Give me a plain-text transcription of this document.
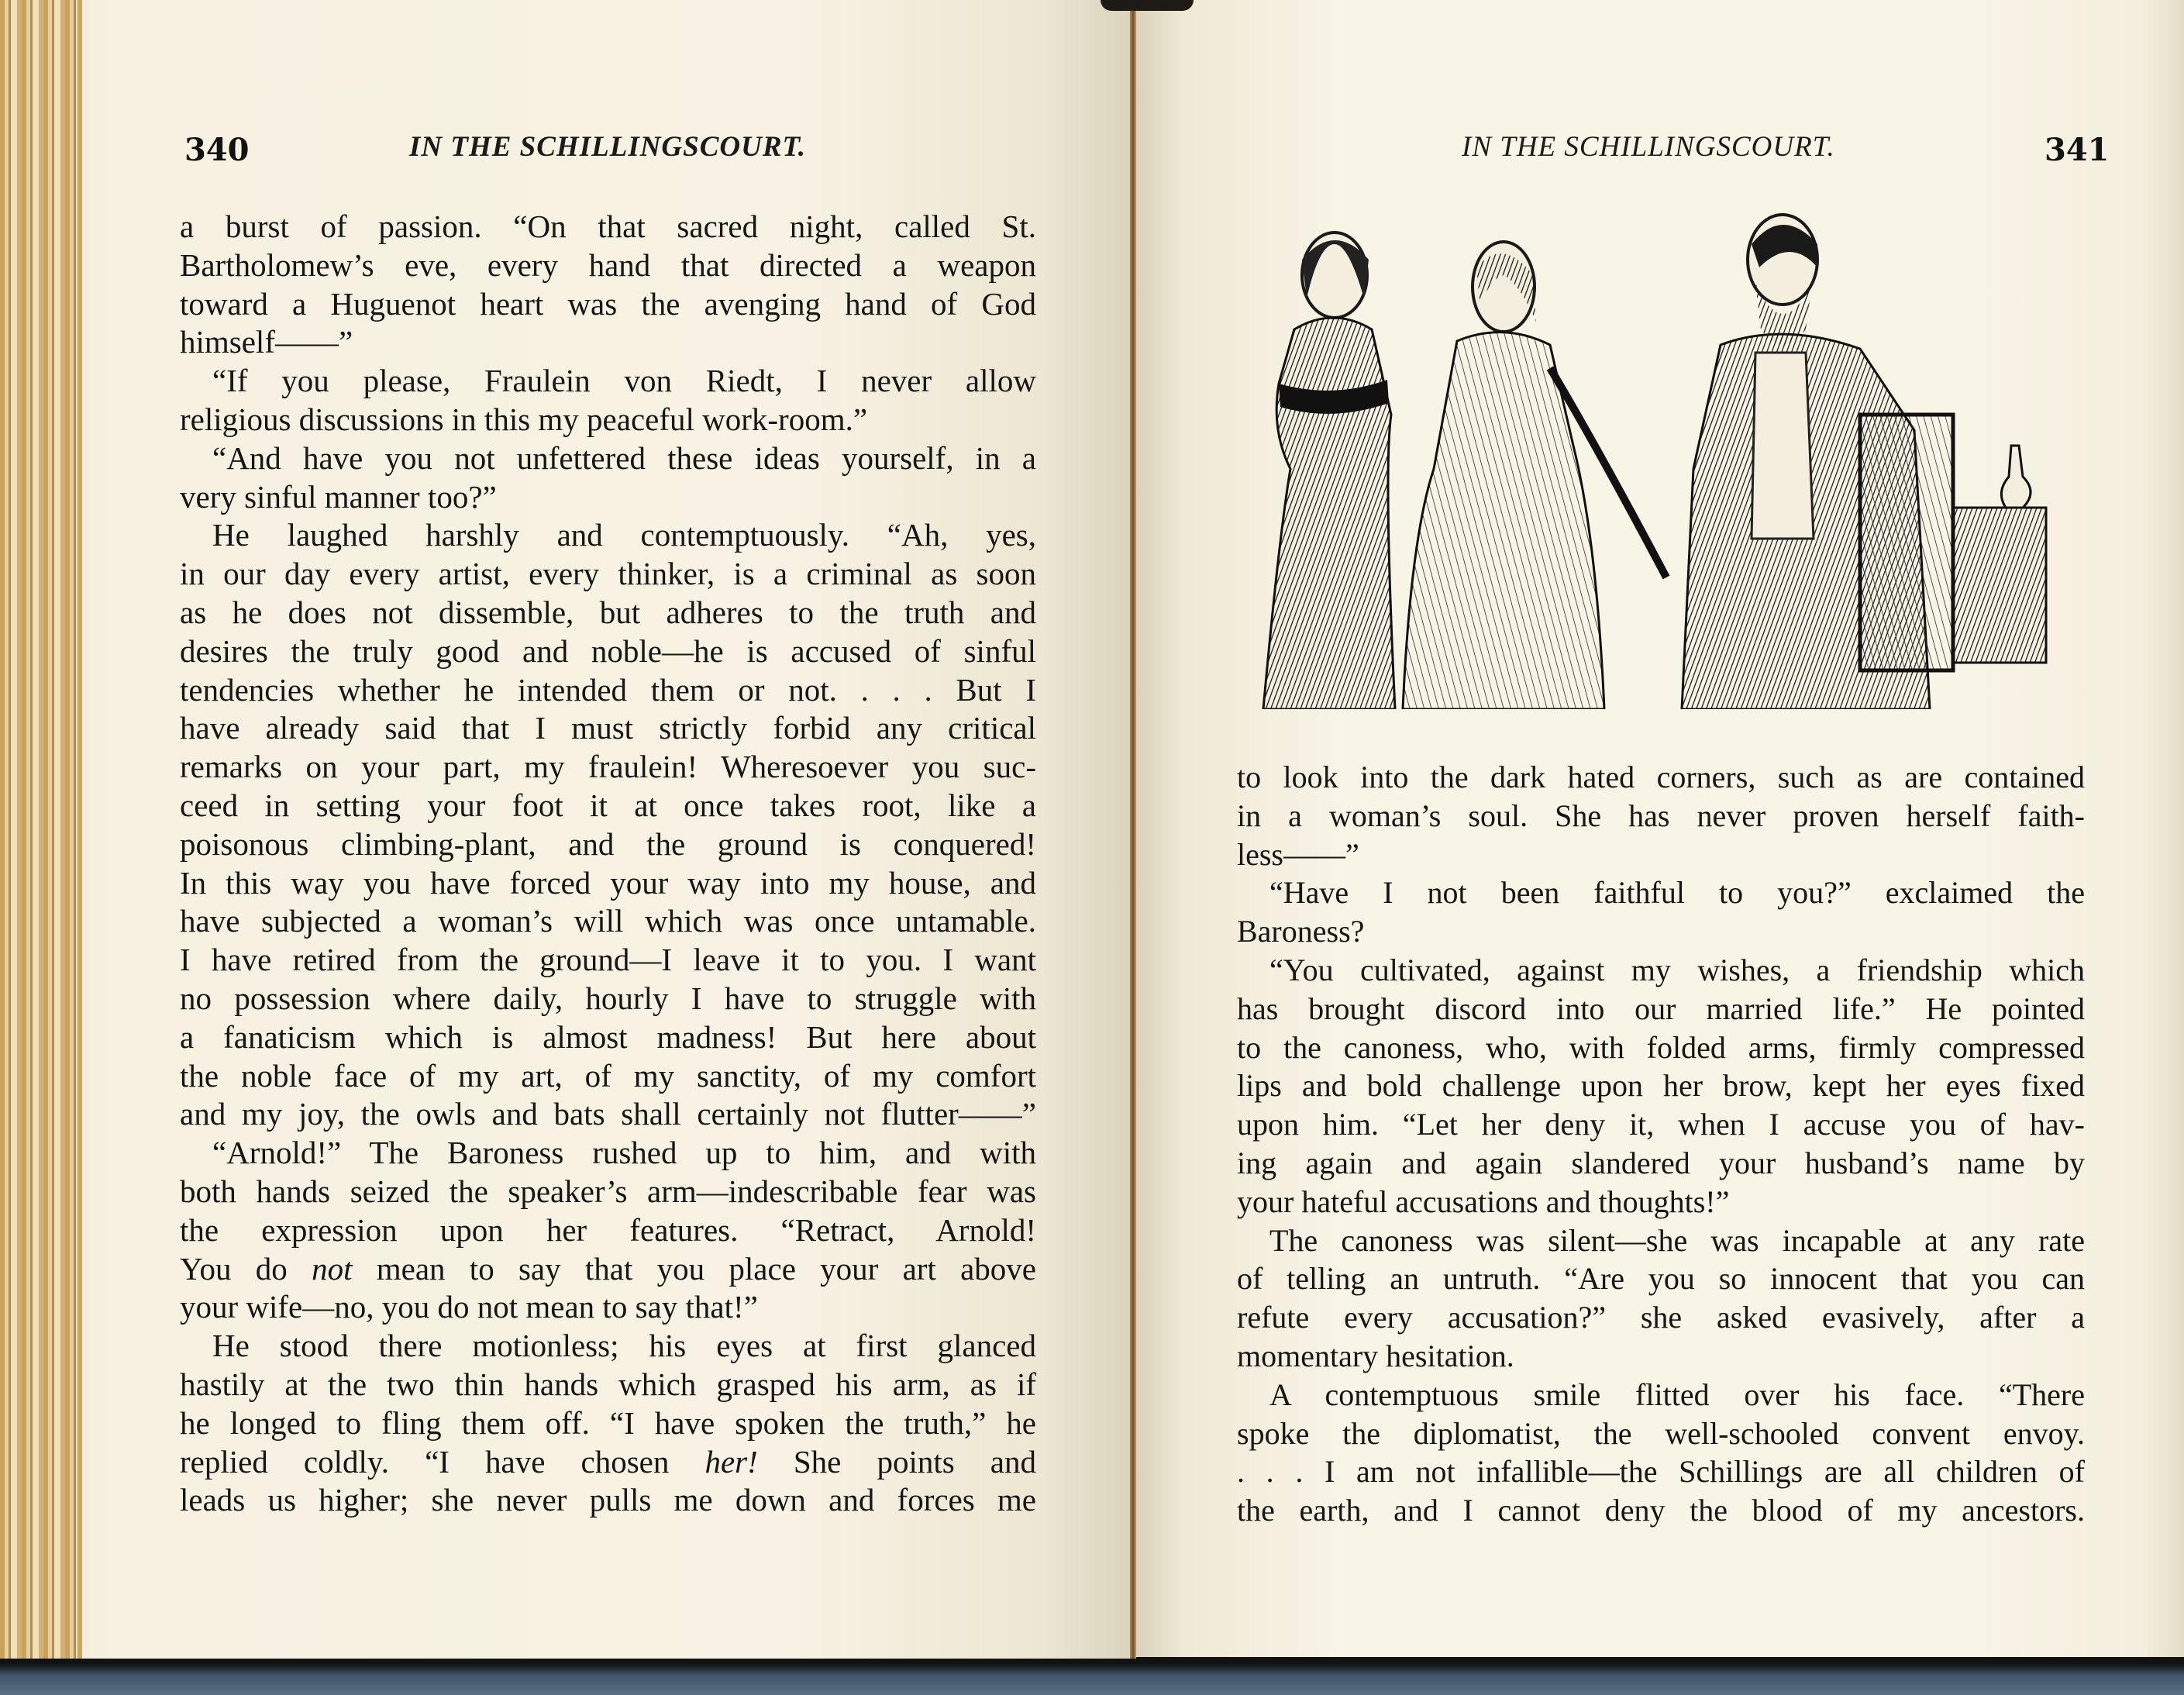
340	IN THE SCHILLINGSCOURT.
a burst of passion. “On that sacred night, called St.
Bartholomew’s eve, every hand that directed a weapon
toward a Huguenot heart was the avenging hand of God
himself——”
“If you please, Fraulein von Riedt, I never allow
religious discussions in this my peaceful work-room.”
“And have you not unfettered these ideas yourself, in a
very sinful manner too?”
He laughed harshly and contemptuously. “Ah, yes,
in our day every artist, every thinker, is a criminal as soon
as he does not dissemble, but adheres to the truth and
desires the truly good and noble—he is accused of sinful
tendencies whether he intended them or not. . . . But I
have already said that I must strictly forbid any critical
remarks on your part, my fraulein! Wheresoever you suc-
ceed in setting your foot it at once takes root, like a
poisonous climbing-plant, and the ground is conquered!
In this way you have forced your way into my house, and
have subjected a woman’s will which was once untamable.
I have retired from the ground—I leave it to you. I want
no possession where daily, hourly I have to struggle with
a fanaticism which is almost madness! But here about
the noble face of my art, of my sanctity, of my comfort
and my joy, the owls and bats shall certainly not flutter——”
“Arnold!” The Baroness rushed up to him, and with
both hands seized the speaker’s arm—indescribable fear was
the expression upon her features. “Retract, Arnold!
You do not mean to say that you place your art above
your wife—no, you do not mean to say that!”
He stood there motionless; his eyes at first glanced
hastily at the two thin hands which grasped his arm, as if
he longed to fling them off. “I have spoken the truth,” he
replied coldly. “I have chosen her! She points and
leads us higher; she never pulls me down and forces me
IN THE SCHILLINGSCOURT.	341
to look into the dark hated corners, such as are contained
in a woman’s soul. She has never proven herself faith-
less——”
“Have I not been faithful to you?” exclaimed the
Baroness?
“You cultivated, against my wishes, a friendship which
has brought discord into our married life.” He pointed
to the canoness, who, with folded arms, firmly compressed
lips and bold challenge upon her brow, kept her eyes fixed
upon him. “Let her deny it, when I accuse you of hav-
ing again and again slandered your husband’s name by
your hateful accusations and thoughts!”
The canoness was silent—she was incapable at any rate
of telling an untruth. “Are you so innocent that you can
refute every accusation?” she asked evasively, after a
momentary hesitation.
A contemptuous smile flitted over his face. “There
spoke the diplomatist, the well-schooled convent envoy.
. . . I am not infallible—the Schillings are all children of
the earth, and I cannot deny the blood of my ancestors.
